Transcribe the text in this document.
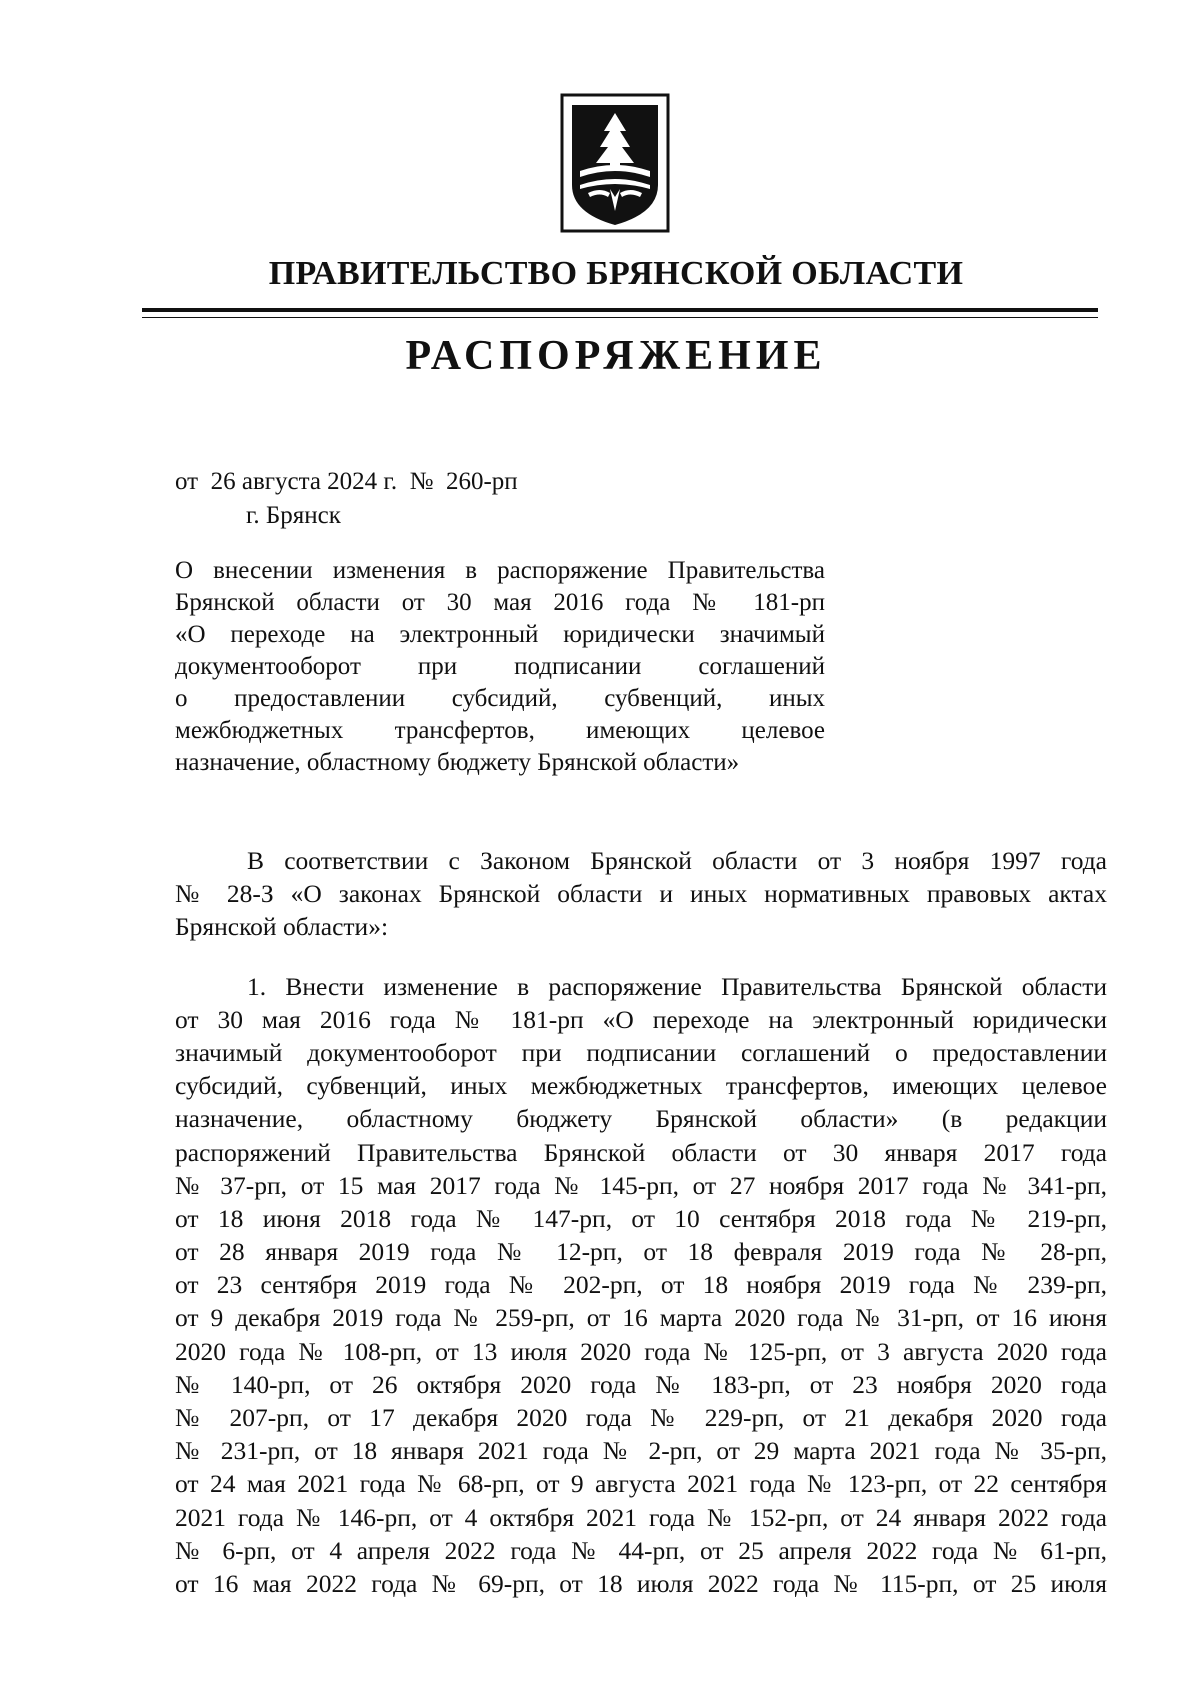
ПРАВИТЕЛЬСТВО БРЯНСКОЙ ОБЛАСТИ
РАСПОРЯЖЕНИЕ
от  26 августа 2024 г.  №  260-рп
г. Брянск
О внесении изменения в распоряжение Правительства
Брянской области от 30 мая 2016 года № 181-рп
«О переходе на электронный юридически значимый
документооборот при подписании соглашений
о предоставлении субсидий, субвенций, иных
межбюджетных трансфертов, имеющих целевое
назначение, областному бюджету Брянской области»
В соответствии с Законом Брянской области от 3 ноября 1997 года
№ 28-З «О законах Брянской области и иных нормативных правовых актах
Брянской области»:
1. Внести изменение в распоряжение Правительства Брянской области
от 30 мая 2016 года № 181-рп «О переходе на электронный юридически
значимый документооборот при подписании соглашений о предоставлении
субсидий, субвенций, иных межбюджетных трансфертов, имеющих целевое
назначение, областному бюджету Брянской области» (в редакции
распоряжений Правительства Брянской области от 30 января 2017 года
№ 37-рп, от 15 мая 2017 года № 145-рп, от 27 ноября 2017 года № 341-рп,
от 18 июня 2018 года № 147-рп, от 10 сентября 2018 года № 219-рп,
от 28 января 2019 года № 12-рп, от 18 февраля 2019 года № 28-рп,
от 23 сентября 2019 года № 202-рп, от 18 ноября 2019 года № 239-рп,
от 9 декабря 2019 года № 259-рп, от 16 марта 2020 года № 31-рп, от 16 июня
2020 года № 108-рп, от 13 июля 2020 года № 125-рп, от 3 августа 2020 года
№ 140-рп, от 26 октября 2020 года № 183-рп, от 23 ноября 2020 года
№ 207-рп, от 17 декабря 2020 года № 229-рп, от 21 декабря 2020 года
№ 231-рп, от 18 января 2021 года № 2-рп, от 29 марта 2021 года № 35-рп,
от 24 мая 2021 года № 68-рп, от 9 августа 2021 года № 123-рп, от 22 сентября
2021 года № 146-рп, от 4 октября 2021 года № 152-рп, от 24 января 2022 года
№ 6-рп, от 4 апреля 2022 года № 44-рп, от 25 апреля 2022 года № 61-рп,
от 16 мая 2022 года № 69-рп, от 18 июля 2022 года № 115-рп, от 25 июля
